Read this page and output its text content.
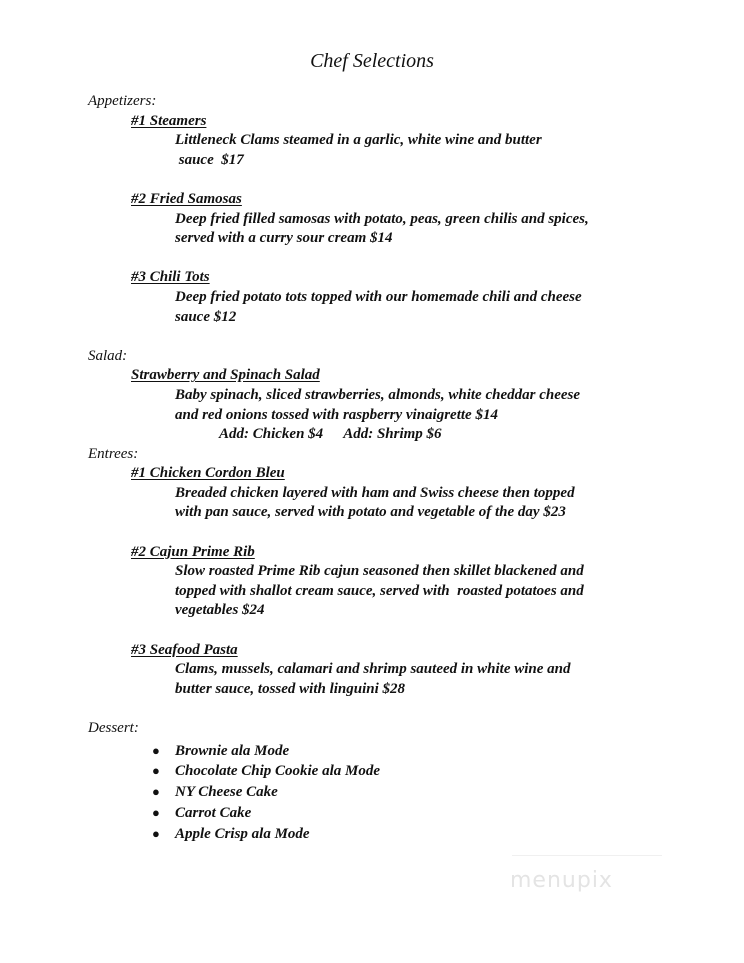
Chef Selections
Appetizers:
#1 Steamers
Littleneck Clams steamed in a garlic, white wine and butter
sauce  $17
#2 Fried Samosas
Deep fried filled samosas with potato, peas, green chilis and spices,
served with a curry sour cream $14
#3 Chili Tots
Deep fried potato tots topped with our homemade chili and cheese
sauce $12
Salad:
Strawberry and Spinach Salad
Baby spinach, sliced strawberries, almonds, white cheddar cheese
and red onions tossed with raspberry vinaigrette $14
Add: Chicken $4 Add: Shrimp $6
Entrees:
#1 Chicken Cordon Bleu
Breaded chicken layered with ham and Swiss cheese then topped
with pan sauce, served with potato and vegetable of the day $23
#2 Cajun Prime Rib
Slow roasted Prime Rib cajun seasoned then skillet blackened and
topped with shallot cream sauce, served with  roasted potatoes and
vegetables $24
#3 Seafood Pasta
Clams, mussels, calamari and shrimp sauteed in white wine and
butter sauce, tossed with linguini $28
Dessert:
● Brownie ala Mode
● Chocolate Chip Cookie ala Mode
● NY Cheese Cake
● Carrot Cake
● Apple Crisp ala Mode
menupix
